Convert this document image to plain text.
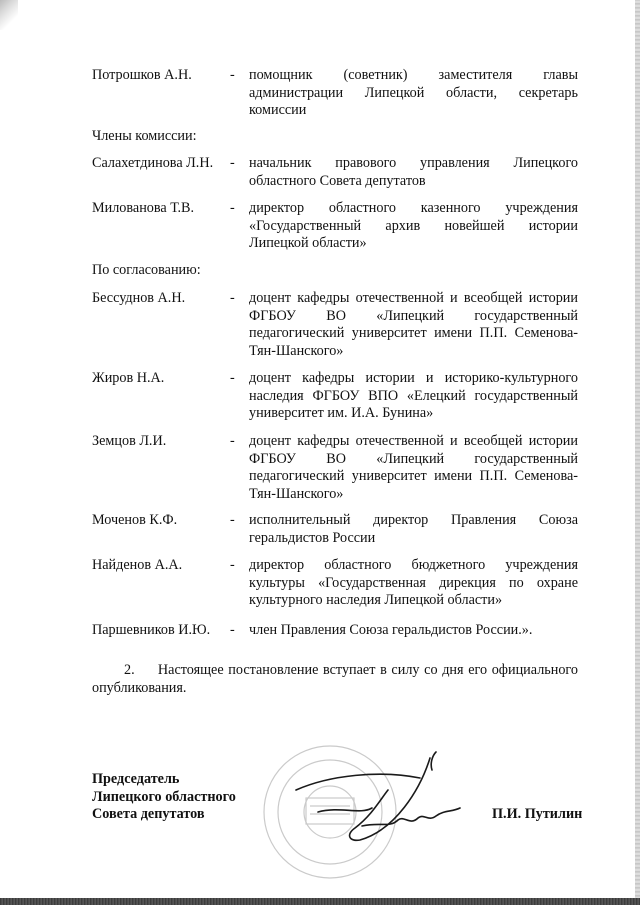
Потрошков А.Н.	- помощник (советник) заместителя главы администрации Липецкой области, секретарь комиссии
Члены комиссии:
Салахетдинова Л.Н. - начальник правового управления Липецкого областного Совета депутатов
Милованова Т.В.	- директор областного казенного учреждения «Государственный архив новейшей истории Липецкой области»
По согласованию:
Бессуднов А.Н.	- доцент кафедры отечественной и всеобщей истории ФГБОУ ВО «Липецкий государственный педагогический университет имени П.П. Семенова-Тян-Шанского»
Жиров Н.А.	- доцент кафедры истории и историко-культурного наследия ФГБОУ ВПО «Елецкий государственный университет им. И.А. Бунина»
Земцов Л.И.	- доцент кафедры отечественной и всеобщей истории ФГБОУ ВО «Липецкий государственный педагогический университет имени П.П. Семенова-Тян-Шанского»
Моченов К.Ф.	- исполнительный директор Правления Союза геральдистов России
Найденов А.А.	- директор областного бюджетного учреждения культуры «Государственная дирекция по охране культурного наследия Липецкой области»
Паршевников И.Ю. - член Правления Союза геральдистов России.».
2. Настоящее постановление вступает в силу со дня его официального опубликования.
Председатель
Липецкого областного
Совета депутатов	П.И. Путилин
